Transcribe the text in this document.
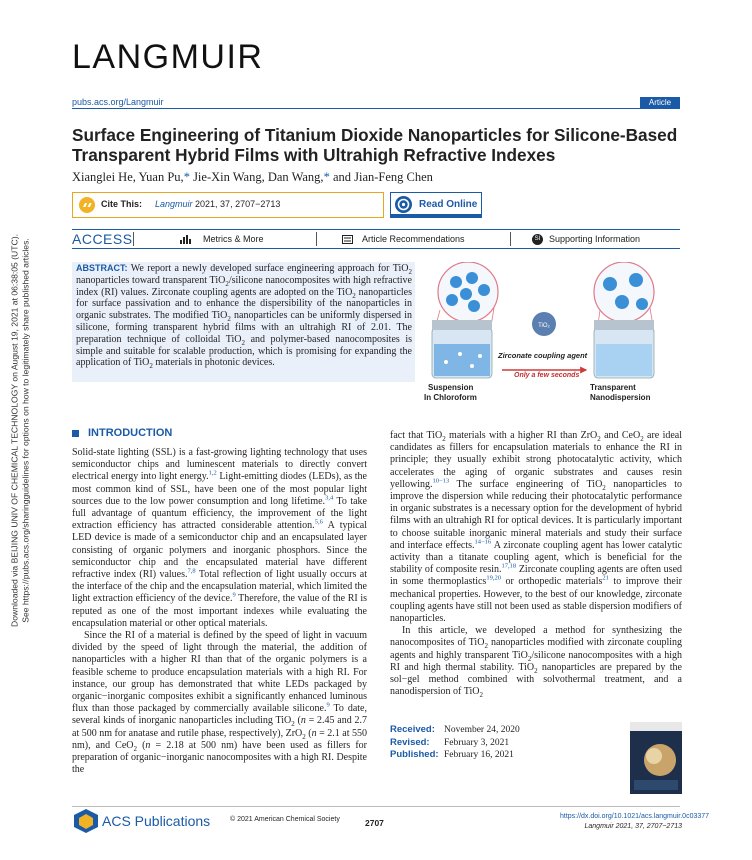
Downloaded via BEIJING UNIV OF CHEMICAL TECHNOLOGY on August 19, 2021 at 06:38:05 (UTC). See https://pubs.acs.org/sharingguidelines for options on how to legitimately share published articles.
LANGMUIR
pubs.acs.org/Langmuir	Article
Surface Engineering of Titanium Dioxide Nanoparticles for Silicone-Based Transparent Hybrid Films with Ultrahigh Refractive Indexes
Xianglei He, Yuan Pu,* Jie-Xin Wang, Dan Wang,* and Jian-Feng Chen
Cite This: Langmuir 2021, 37, 2707−2713	Read Online
ACCESS	Metrics & More	Article Recommendations	SI Supporting Information
ABSTRACT: We report a newly developed surface engineering approach for TiO$_2$ nanoparticles toward transparent TiO$_2$/silicone nanocomposites with high refractive index (RI) values. Zirconate coupling agents are adopted on the TiO$_2$ nanoparticles for surface passivation and to enhance the dispersibility of the nanoparticles in organic substrates. The modified TiO$_2$ nanoparticles can be uniformly dispersed in silicone, forming transparent hybrid films with an ultrahigh RI of 2.01. The preparation technique of colloidal TiO$_2$ and polymer-based nanocomposites is simple and suitable for scalable production, which is promising for expanding the application of TiO$_2$ materials in photonic devices.
TiO₂
Zirconate coupling agent
Only a few seconds
Suspension
In Chloroform
Transparent
Nanodispersion
INTRODUCTION

Solid-state lighting (SSL) is a fast-growing lighting technology that uses semiconductor chips and luminescent materials to directly convert electrical energy into light energy.$^{1,2}$ Light-emitting diodes (LEDs), as the most common kind of SSL, have been one of the most popular light sources due to the low power consumption and long lifetime.$^{3,4}$ To take full advantage of quantum efficiency, the improvement of the light extraction efficiency has attracted considerable attention.$^{5,6}$ A typical LED device is made of a semiconductor chip and an encapsulated layer consisting of organic polymers and inorganic phosphors. Since the semiconductor chip and the encapsulated material have different refractive index (RI) values.$^{7,8}$ Total reflection of light usually occurs at the interface of the chip and the encapsulation material, which limited the light extraction efficiency of the device.$^9$ Therefore, the value of the RI is reputed as one of the most important indexes while evaluating the encapsulation material or other optical materials.

Since the RI of a material is defined by the speed of light in vacuum divided by the speed of light through the material, the addition of nanoparticles with a higher RI than that of the organic polymers is a feasible scheme to produce encapsulation materials with a high RI. For instance, our group has demonstrated that white LEDs packaged by organic−inorganic composites exhibit a significantly enhanced luminous flux than those packaged by commercially available silicone.$^9$ To date, several kinds of inorganic nanoparticles including TiO$_2$ (n = 2.45 and 2.7 at 500 nm for anatase and rutile phase, respectively), ZrO$_2$ (n = 2.1 at 550 nm), and CeO$_2$ (n = 2.18 at 500 nm) have been used as fillers for preparation of organic−inorganic nanocomposites with a high RI. Despite the

fact that TiO$_2$ materials with a higher RI than ZrO$_2$ and CeO$_2$ are ideal candidates as fillers for encapsulation materials to enhance the RI in principle; they usually exhibit strong photocatalytic activity, which accelerates the aging of organic substrates and causes resin yellowing.$^{10-13}$ The surface engineering of TiO$_2$ nanoparticles to improve the dispersion while reducing their photocatalytic performance in organic substrates is a necessary option for the development of hybrid films with an ultrahigh RI for optical devices. It is particularly important to choose suitable inorganic mineral materials and study their surface and interface effects.$^{14-16}$ A zirconate coupling agent has lower catalytic activity than a titanate coupling agent, which is beneficial for the stability of composite resin.$^{17,18}$ Zirconate coupling agents are often used in some thermoplastics$^{19,20}$ or orthopedic materials$^{21}$ to improve their mechanical properties. However, to the best of our knowledge, zirconate coupling agents have still not been used as stable dispersion modifiers of nanoparticles.

In this article, we developed a method for synthesizing the nanocomposites of TiO$_2$ nanoparticles modified with zirconate coupling agents and highly transparent TiO$_2$/silicone nanocomposites with a high RI and high thermal stability. TiO$_2$ nanoparticles are prepared by the sol−gel method combined with solvothermal treatment, and a nanodispersion of TiO$_2$

Received: November 24, 2020
Revised: February 3, 2021
Published: February 16, 2021
ACS Publications	© 2021 American Chemical Society	2707
https://dx.doi.org/10.1021/acs.langmuir.0c03377
Langmuir 2021, 37, 2707−2713
